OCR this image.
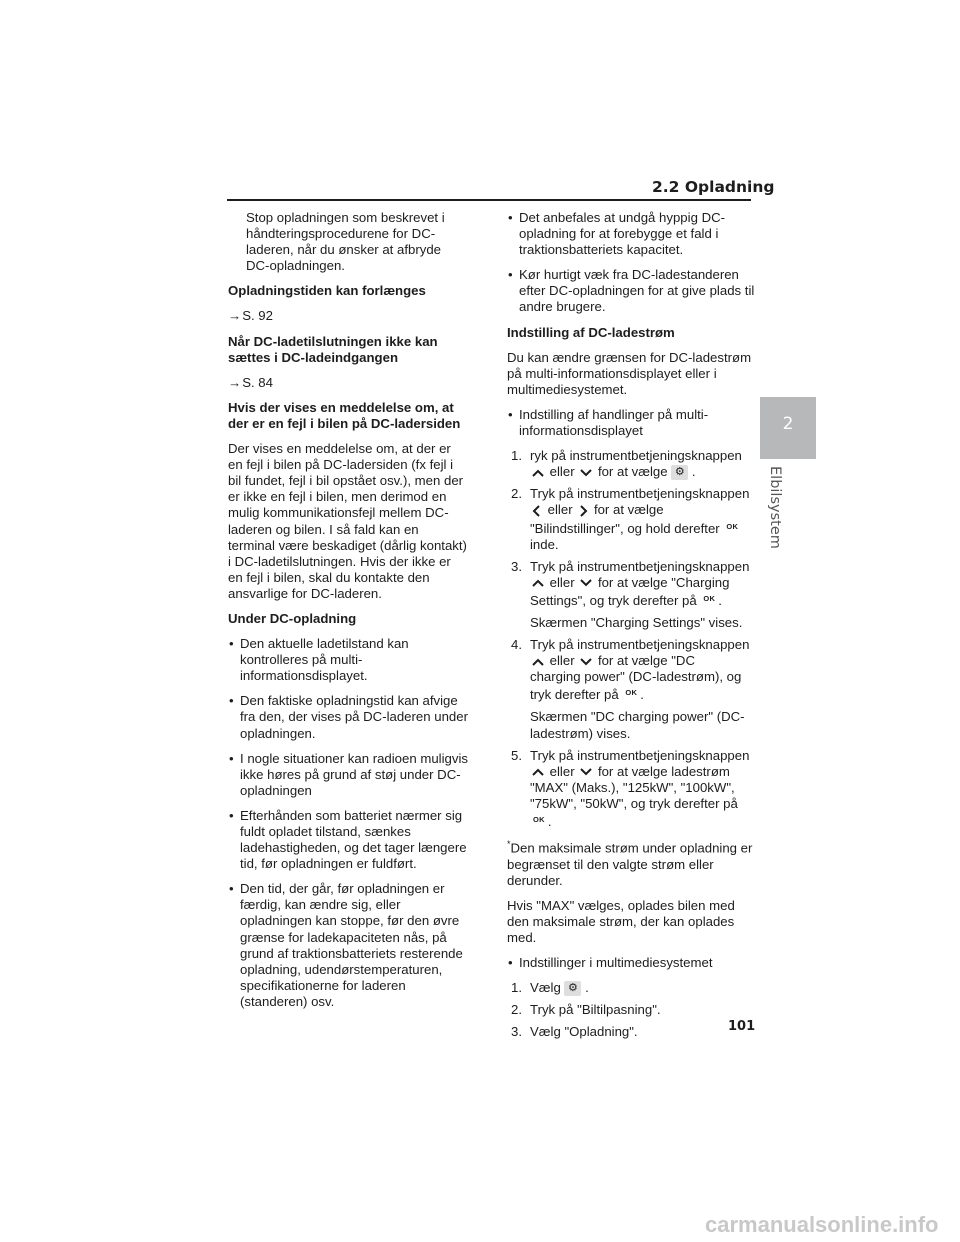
2.2 Opladning

Stop opladningen som beskrevet i håndteringsprocedurene for DC-laderen, når du ønsker at afbryde DC-opladningen.

Opladningstiden kan forlænges

→S. 92

Når DC-ladetilslutningen ikke kan sættes i DC-ladeindgangen

→S. 84

Hvis der vises en meddelelse om, at der er en fejl i bilen på DC-ladersiden

Der vises en meddelelse om, at der er en fejl i bilen på DC-ladersiden (fx fejl i bil fundet, fejl i bil opstået osv.), men der er ikke en fejl i bilen, men derimod en mulig kommunikationsfejl mellem DC-laderen og bilen. I så fald kan en terminal være beskadiget (dårlig kontakt) i DC-ladetilslutningen. Hvis der ikke er en fejl i bilen, skal du kontakte den ansvarlige for DC-laderen.

Under DC-opladning

• Den aktuelle ladetilstand kan kontrolleres på multi-informationsdisplayet.
• Den faktiske opladningstid kan afvige fra den, der vises på DC-laderen under opladningen.
• I nogle situationer kan radioen muligvis ikke høres på grund af støj under DC-opladningen
• Efterhånden som batteriet nærmer sig fuldt opladet tilstand, sænkes ladehastigheden, og det tager længere tid, før opladningen er fuldført.
• Den tid, der går, før opladningen er færdig, kan ændre sig, eller opladningen kan stoppe, før den øvre grænse for ladekapaciteten nås, på grund af traktionsbatteriets resterende opladning, udendørstemperaturen, specifikationerne for laderen (standeren) osv.
• Det anbefales at undgå hyppig DC-opladning for at forebygge et fald i traktionsbatteriets kapacitet.
• Kør hurtigt væk fra DC-ladestanderen efter DC-opladningen for at give plads til andre brugere.

Indstilling af DC-ladestrøm

Du kan ændre grænsen for DC-ladestrøm på multi-informationsdisplayet eller i multimediesystemet.

• Indstilling af handlinger på multi-informationsdisplayet
1. ryk på instrumentbetjeningsknappen
eller for at vælge ⚙ .
2. Tryk på instrumentbetjeningsknappen
eller for at vælge
"Bilindstillinger", og hold derefter $^{OK}$
inde.
3. Tryk på instrumentbetjeningsknappen
eller for at vælge "Charging
Settings", og tryk derefter på $^{OK}$ .
Skærmen "Charging Settings" vises.
4. Tryk på instrumentbetjeningsknappen
eller for at vælge "DC
charging power" (DC-ladestrøm), og
tryk derefter på $^{OK}$ .
Skærmen "DC charging power" (DC-ladestrøm) vises.
5. Tryk på instrumentbetjeningsknappen
eller for at vælge ladestrøm
"MAX" (Maks.), "125kW", "100kW", "75kW", "50kW", og tryk derefter på
$^{OK}$ .

*Den maksimale strøm under opladning er begrænset til den valgte strøm eller derunder.

Hvis "MAX" vælges, oplades bilen med den maksimale strøm, der kan oplades med.

• Indstillinger i multimediesystemet
1. Vælg ⚙ .
2. Tryk på "Biltilpasning".
3. Vælg "Opladning".
2
Elbilsystem
101
carmanualsonline.info
